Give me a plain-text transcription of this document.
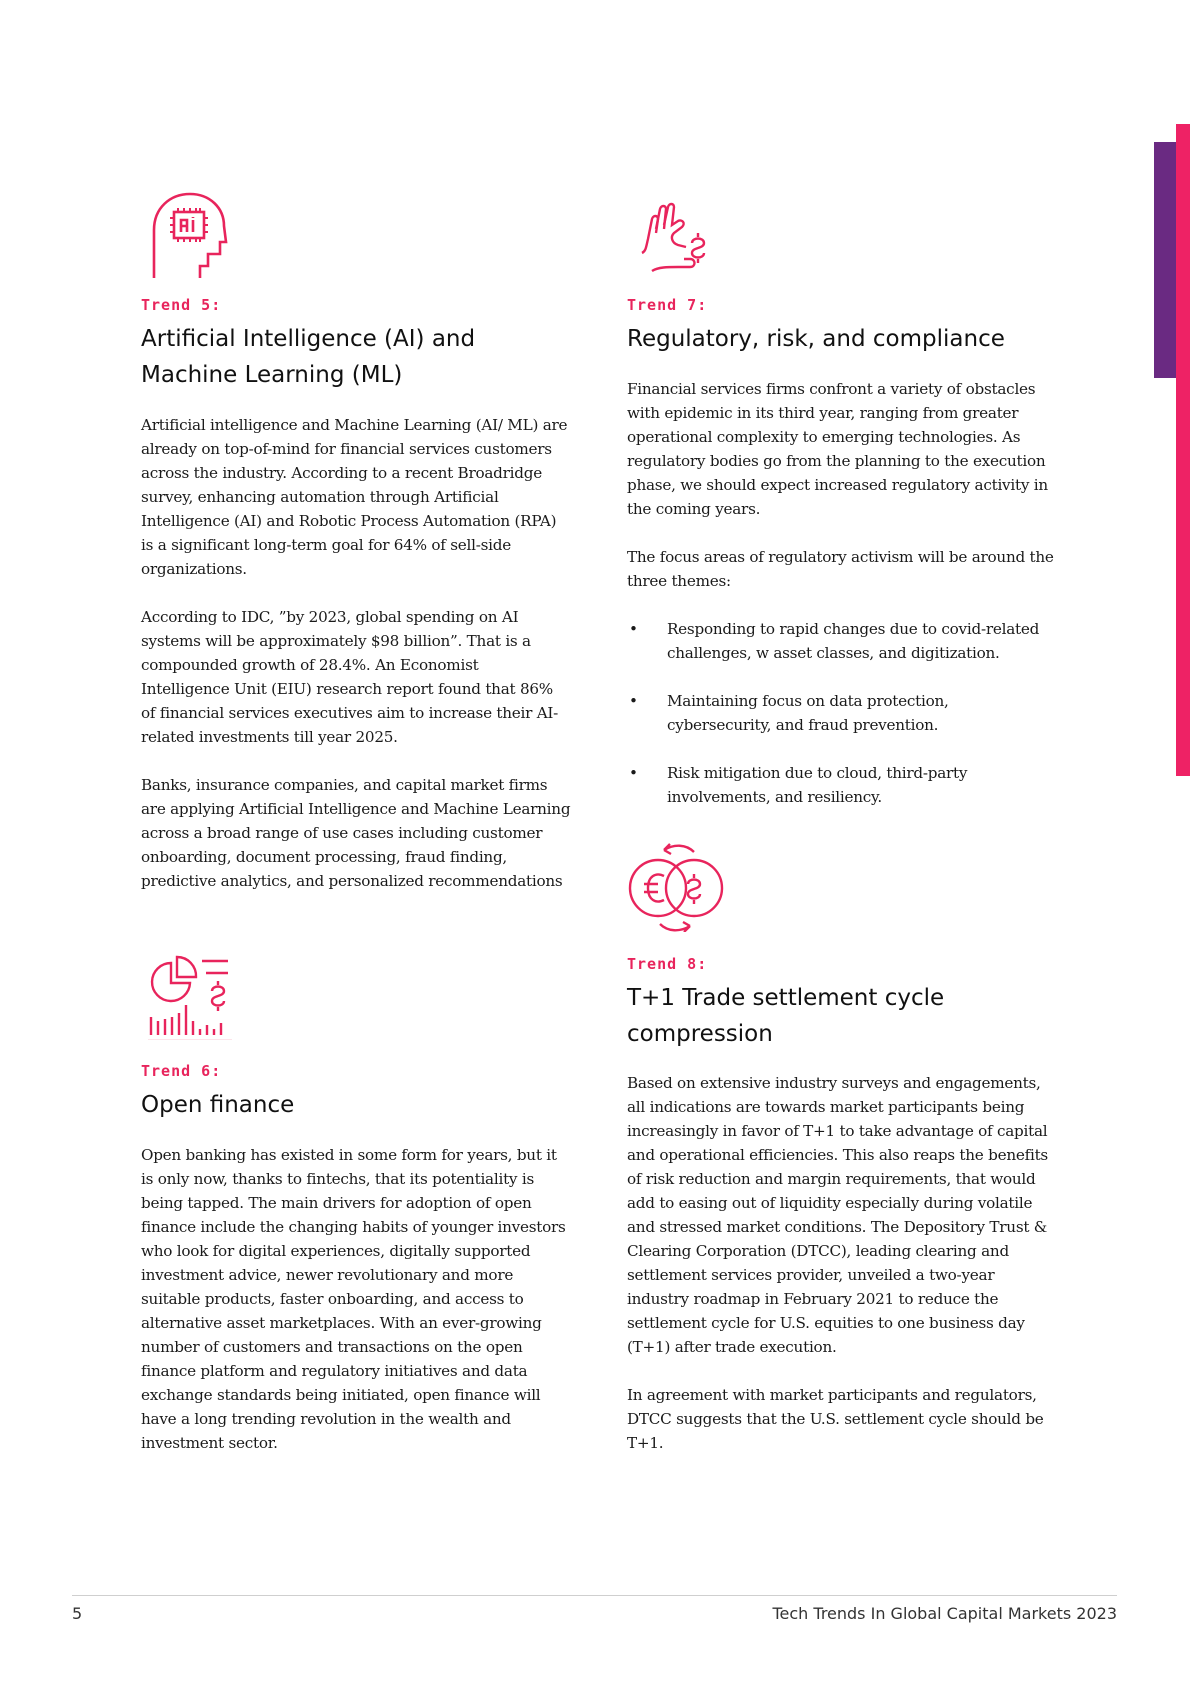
Trend 5:
Artificial Intelligence (AI) and
Machine Learning (ML)

Artificial intelligence and Machine Learning (AI/ ML) are already on top-of-mind for financial services customers across the industry. According to a recent Broadridge survey, enhancing automation through Artificial Intelligence (AI) and Robotic Process Automation (RPA) is a significant long-term goal for 64% of sell-side organizations.

According to IDC, ”by 2023, global spending on AI systems will be approximately $98 billion”. That is a compounded growth of 28.4%. An Economist Intelligence Unit (EIU) research report found that 86% of financial services executives aim to increase their AI-related investments till year 2025.

Banks, insurance companies, and capital market firms are applying Artificial Intelligence and Machine Learning across a broad range of use cases including customer onboarding, document processing, fraud finding, predictive analytics, and personalized recommendations

Trend 6:
Open finance

Open banking has existed in some form for years, but it is only now, thanks to fintechs, that its potentiality is being tapped. The main drivers for adoption of open finance include the changing habits of younger investors who look for digital experiences, digitally supported investment advice, newer revolutionary and more suitable products, faster onboarding, and access to alternative asset marketplaces. With an ever-growing number of customers and transactions on the open finance platform and regulatory initiatives and data exchange standards being initiated, open finance will have a long trending revolution in the wealth and investment sector.

Trend 7:
Regulatory, risk, and compliance

Financial services firms confront a variety of obstacles with epidemic in its third year, ranging from greater operational complexity to emerging technologies. As regulatory bodies go from the planning to the execution phase, we should expect increased regulatory activity in the coming years.

The focus areas of regulatory activism will be around the three themes:

• Responding to rapid changes due to covid-related challenges, w asset classes, and digitization.
• Maintaining focus on data protection, cybersecurity, and fraud prevention.
• Risk mitigation due to cloud, third-party involvements, and resiliency.
Trend 8:
T+1 Trade settlement cycle
compression

Based on extensive industry surveys and engagements, all indications are towards market participants being increasingly in favor of T+1 to take advantage of capital and operational efficiencies. This also reaps the benefits of risk reduction and margin requirements, that would add to easing out of liquidity especially during volatile and stressed market conditions. The Depository Trust & Clearing Corporation (DTCC), leading clearing and settlement services provider, unveiled a two-year industry roadmap in February 2021 to reduce the settlement cycle for U.S. equities to one business day (T+1) after trade execution.

In agreement with market participants and regulators, DTCC suggests that the U.S. settlement cycle should be T+1.

5	Tech Trends In Global Capital Markets 2023
